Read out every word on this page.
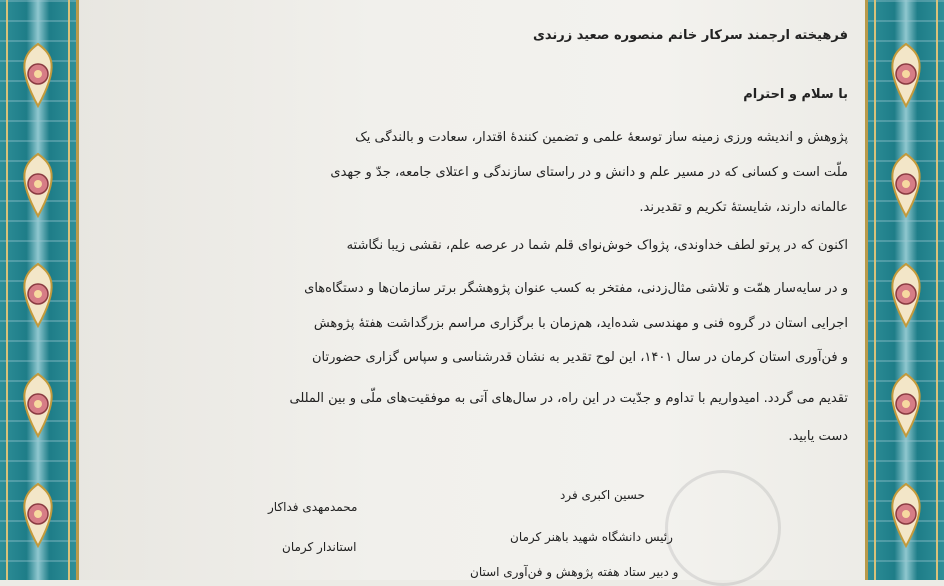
فرهیخته ارجمند سرکار خانم منصوره صعید زرندی
با سلام و احترام
پژوهش و اندیشه ورزی زمینه ساز توسعهٔ علمی و تضمین کنندهٔ اقتدار، سعادت و بالندگی یک
ملّت است و کسانی که در مسیر علم و دانش و در راستای سازندگی و اعتلای جامعه، جدّ و جهدی
عالمانه دارند، شایستهٔ تکریم و تقدیرند.
اکنون که در پرتو لطف خداوندی، پژواک خوش‌نوای قلم شما در عرصه علم، نقشی زیبا نگاشته
و در سایه‌سار همّت و تلاشی مثال‌زدنی، مفتخر به کسب عنوان پژوهشگر برتر سازمان‌ها و دستگاه‌های
اجرایی استان در گروه فنی و مهندسی شده‌اید، هم‌زمان با برگزاری مراسم بزرگداشت هفتهٔ پژوهش
و فن‌آوری استان کرمان در سال ۱۴۰۱، این لوح تقدیر به نشان قدرشناسی و سپاس گزاری حضورتان
تقدیم می گردد. امیدواریم با تداوم و جدّیت در این راه، در سال‌های آتی به موفقیت‌های ملّی و بین المللی
دست یابید.
محمدمهدی فداکار
استاندار کرمان
حسین اکبری فرد
رئیس دانشگاه شهید باهنر کرمان
و دبیر ستاد هفته پژوهش و فن‌آوری استان
